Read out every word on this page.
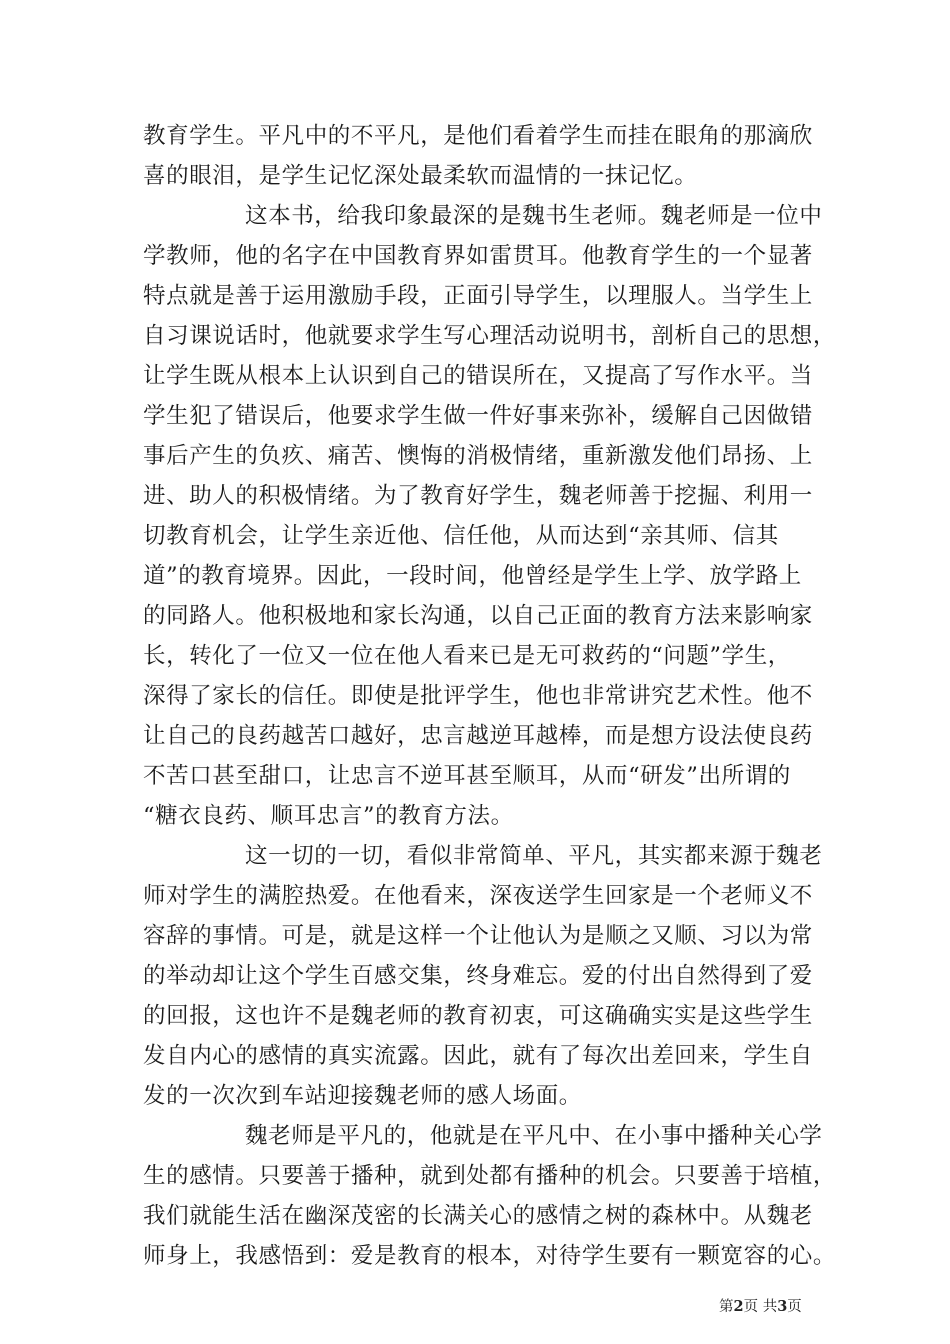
教育学生。平凡中的不平凡，是他们看着学生而挂在眼角的那滴欣
喜的眼泪，是学生记忆深处最柔软而温情的一抹记忆。
这本书，给我印象最深的是魏书生老师。魏老师是一位中
学教师，他的名字在中国教育界如雷贯耳。他教育学生的一个显著
特点就是善于运用激励手段，正面引导学生，以理服人。当学生上
自习课说话时，他就要求学生写心理活动说明书，剖析自己的思想，
让学生既从根本上认识到自己的错误所在，又提高了写作水平。当
学生犯了错误后，他要求学生做一件好事来弥补，缓解自己因做错
事后产生的负疚、痛苦、懊悔的消极情绪，重新激发他们昂扬、上
进、助人的积极情绪。为了教育好学生，魏老师善于挖掘、利用一
切教育机会，让学生亲近他、信任他，从而达到“亲其师、信其
道”的教育境界。因此，一段时间，他曾经是学生上学、放学路上
的同路人。他积极地和家长沟通，以自己正面的教育方法来影响家
长，转化了一位又一位在他人看来已是无可救药的“问题”学生，
深得了家长的信任。即使是批评学生，他也非常讲究艺术性。他不
让自己的良药越苦口越好，忠言越逆耳越棒，而是想方设法使良药
不苦口甚至甜口，让忠言不逆耳甚至顺耳，从而“研发”出所谓的
“糖衣良药、顺耳忠言”的教育方法。
这一切的一切，看似非常简单、平凡，其实都来源于魏老
师对学生的满腔热爱。在他看来，深夜送学生回家是一个老师义不
容辞的事情。可是，就是这样一个让他认为是顺之又顺、习以为常
的举动却让这个学生百感交集，终身难忘。爱的付出自然得到了爱
的回报，这也许不是魏老师的教育初衷，可这确确实实是这些学生
发自内心的感情的真实流露。因此，就有了每次出差回来，学生自
发的一次次到车站迎接魏老师的感人场面。
魏老师是平凡的，他就是在平凡中、在小事中播种关心学
生的感情。只要善于播种，就到处都有播种的机会。只要善于培植，
我们就能生活在幽深茂密的长满关心的感情之树的森林中。从魏老
师身上，我感悟到：爱是教育的根本，对待学生要有一颗宽容的心。
第2页 共3页
